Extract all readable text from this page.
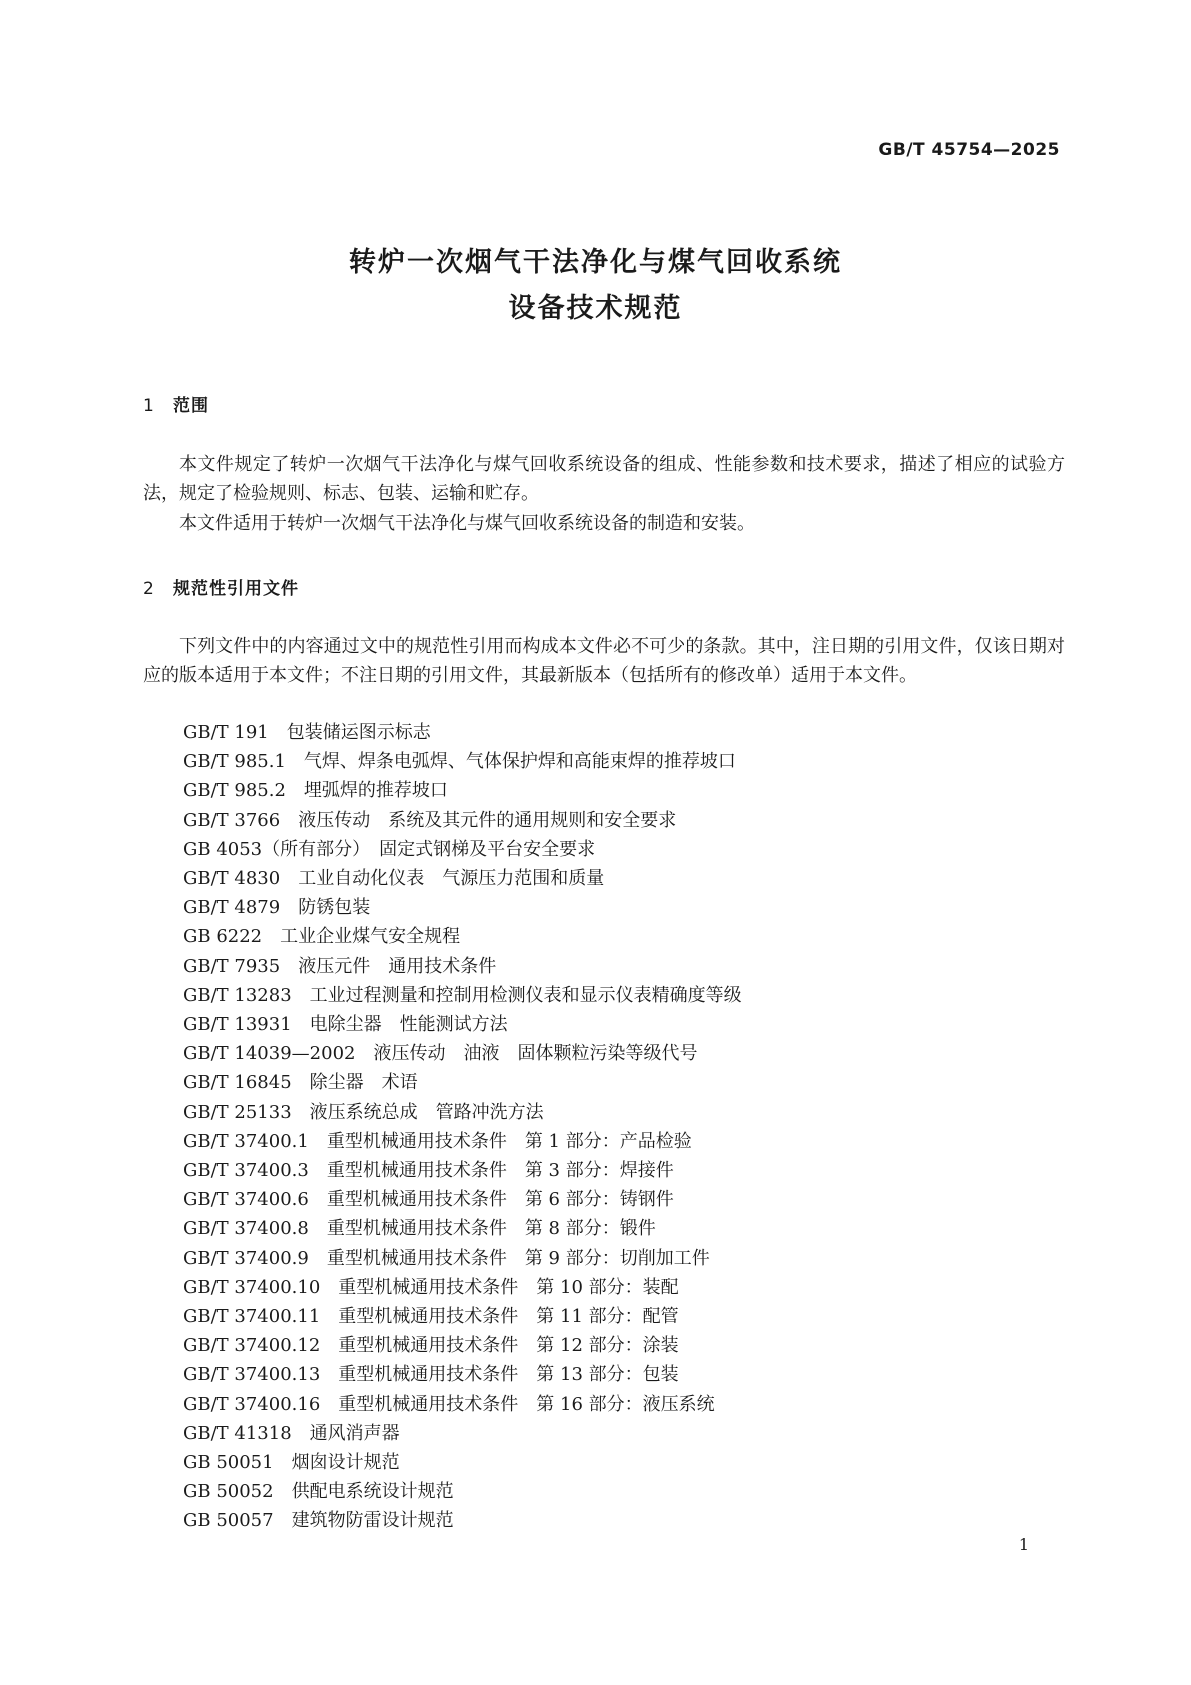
GB/T 45754—2025

转炉一次烟气干法净化与煤气回收系统
设备技术规范
1 范围

本文件规定了转炉一次烟气干法净化与煤气回收系统设备的组成、性能参数和技术要求，描述了相应的试验方法，规定了检验规则、标志、包装、运输和贮存。

本文件适用于转炉一次烟气干法净化与煤气回收系统设备的制造和安装。

2 规范性引用文件

下列文件中的内容通过文中的规范性引用而构成本文件必不可少的条款。其中，注日期的引用文件，仅该日期对应的版本适用于本文件；不注日期的引用文件，其最新版本（包括所有的修改单）适用于本文件。

GB/T 191　包装储运图示标志
GB/T 985.1　气焊、焊条电弧焊、气体保护焊和高能束焊的推荐坡口
GB/T 985.2　埋弧焊的推荐坡口
GB/T 3766　液压传动　系统及其元件的通用规则和安全要求
GB 4053（所有部分）　固定式钢梯及平台安全要求
GB/T 4830　工业自动化仪表　气源压力范围和质量
GB/T 4879　防锈包装
GB 6222　工业企业煤气安全规程
GB/T 7935　液压元件　通用技术条件
GB/T 13283　工业过程测量和控制用检测仪表和显示仪表精确度等级
GB/T 13931　电除尘器　性能测试方法
GB/T 14039—2002　液压传动　油液　固体颗粒污染等级代号
GB/T 16845　除尘器　术语
GB/T 25133　液压系统总成　管路冲洗方法
GB/T 37400.1　重型机械通用技术条件　第 1 部分：产品检验
GB/T 37400.3　重型机械通用技术条件　第 3 部分：焊接件
GB/T 37400.6　重型机械通用技术条件　第 6 部分：铸钢件
GB/T 37400.8　重型机械通用技术条件　第 8 部分：锻件
GB/T 37400.9　重型机械通用技术条件　第 9 部分：切削加工件
GB/T 37400.10　重型机械通用技术条件　第 10 部分：装配
GB/T 37400.11　重型机械通用技术条件　第 11 部分：配管
GB/T 37400.12　重型机械通用技术条件　第 12 部分：涂装
GB/T 37400.13　重型机械通用技术条件　第 13 部分：包装
GB/T 37400.16　重型机械通用技术条件　第 16 部分：液压系统
GB/T 41318　通风消声器
GB 50051　烟囱设计规范
GB 50052　供配电系统设计规范
GB 50057　建筑物防雷设计规范

1
